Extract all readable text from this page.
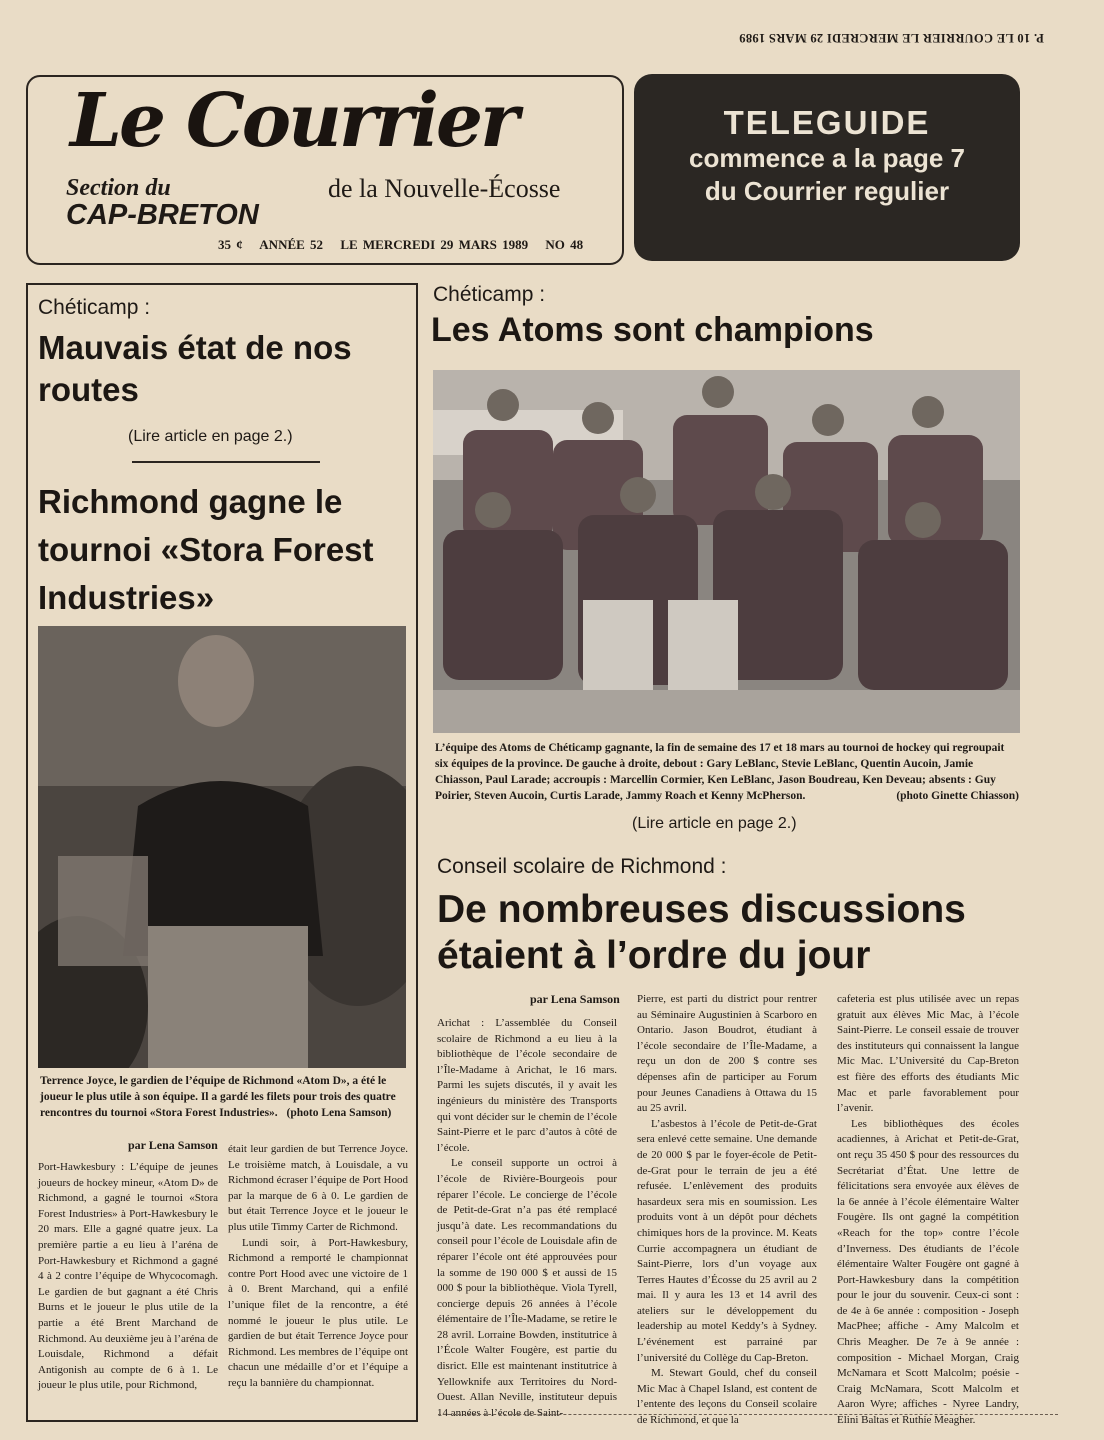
P. 10 LE COURRIER LE MERCREDI 29 MARS 1989
Le Courrier
Section du
CAP-BRETON
de la Nouvelle-Écosse
35 ¢ ANNÉE 52 LE MERCREDI 29 MARS 1989 NO 48
TELEGUIDE
commence a la page 7
du Courrier regulier
Chéticamp :
Mauvais état de nos routes
(Lire article en page 2.)
Richmond gagne le tournoi «Stora Forest Industries»
Terrence Joyce, le gardien de l’équipe de Richmond «Atom D», a été le joueur le plus utile à son équipe. Il a gardé les filets pour trois des quatre rencontres du tournoi «Stora Forest Industries». (photo Lena Samson)
par Lena Samson

Port-Hawkesbury : L’équipe de jeunes joueurs de hockey mineur, «Atom D» de Richmond, a gagné le tournoi «Stora Forest Industries» à Port-Hawkesbury le 20 mars. Elle a gagné quatre jeux. La première partie a eu lieu à l’aréna de Port-Hawkesbury et Richmond a gagné 4 à 2 contre l’équipe de Whycocomagh. Le gardien de but gagnant a été Chris Burns et le joueur le plus utile de la partie a été Brent Marchand de Richmond. Au deuxième jeu à l’aréna de Louisdale, Richmond a défait Antigonish au compte de 6 à 1. Le joueur le plus utile, pour Richmond,

était leur gardien de but Terrence Joyce. Le troisième match, à Louisdale, a vu Richmond écraser l’équipe de Port Hood par la marque de 6 à 0. Le gardien de but était Terrence Joyce et le joueur le plus utile Timmy Carter de Richmond.

Lundi soir, à Port-Hawkesbury, Richmond a remporté le championnat contre Port Hood avec une victoire de 1 à 0. Brent Marchand, qui a enfilé l’unique filet de la rencontre, a été nommé le joueur le plus utile. Le gardien de but était Terrence Joyce pour Richmond. Les membres de l’équipe ont chacun une médaille d’or et l’équipe a reçu la bannière du championnat.

Chéticamp :
Les Atoms sont champions
L’équipe des Atoms de Chéticamp gagnante, la fin de semaine des 17 et 18 mars au tournoi de hockey qui regroupait six équipes de la province. De gauche à droite, debout : Gary LeBlanc, Stevie LeBlanc, Quentin Aucoin, Jamie Chiasson, Paul Larade; accroupis : Marcellin Cormier, Ken LeBlanc, Jason Boudreau, Ken Deveau; absents : Guy Poirier, Steven Aucoin, Curtis Larade, Jammy Roach et Kenny McPherson.	(photo Ginette Chiasson)
(Lire article en page 2.)
Conseil scolaire de Richmond :
De nombreuses discussions étaient à l’ordre du jour
par Lena Samson

Arichat : L’assemblée du Conseil scolaire de Richmond a eu lieu à la bibliothèque de l’école secondaire de l’Île-Madame à Arichat, le 16 mars. Parmi les sujets discutés, il y avait les ingénieurs du ministère des Transports qui vont décider sur le chemin de l’école Saint-Pierre et le parc d’autos à côté de l’école.

Le conseil supporte un octroi à l’école de Rivière-Bourgeois pour réparer l’école. Le concierge de l’école de Petit-de-Grat n’a pas été remplacé jusqu’à date. Les recommandations du conseil pour l’école de Louisdale afin de réparer l’école ont été approuvées pour la somme de 190 000 $ et aussi de 15 000 $ pour la bibliothèque. Viola Tyrell, concierge depuis 26 années à l’école élémentaire de l’Île-Madame, se retire le 28 avril. Lorraine Bowden, institutrice à l’École Walter Fougère, est partie du disrict. Elle est maintenant institutrice à Yellowknife aux Territoires du Nord-Ouest. Allan Neville, instituteur depuis 14 années à l’école de Saint-

Pierre, est parti du district pour rentrer au Séminaire Augustinien à Scarboro en Ontario. Jason Boudrot, étudiant à l’école secondaire de l’Île-Madame, a reçu un don de 200 $ contre ses dépenses afin de participer au Forum pour Jeunes Canadiens à Ottawa du 15 au 25 avril.

L’asbestos à l’école de Petit-de-Grat sera enlevé cette semaine. Une demande de 20 000 $ par le foyer-école de Petit-de-Grat pour le terrain de jeu a été refusée. L’enlèvement des produits hasardeux sera mis en soumission. Les produits vont à un dépôt pour déchets chimiques hors de la province. M. Keats Currie accompagnera un étudiant de Saint-Pierre, lors d’un voyage aux Terres Hautes d’Écosse du 25 avril au 2 mai. Il y aura les 13 et 14 avril des ateliers sur le développement du leadership au motel Keddy’s à Sydney. L’événement est parrainé par l’université du Collège du Cap-Breton.

M. Stewart Gould, chef du conseil Mic Mac à Chapel Island, est content de l’entente des leçons du Conseil scolaire de Richmond, et que la

cafeteria est plus utilisée avec un repas gratuit aux élèves Mic Mac, à l’école Saint-Pierre. Le conseil essaie de trouver des instituteurs qui connaissent la langue Mic Mac. L’Université du Cap-Breton est fière des efforts des étudiants Mic Mac et parle favorablement pour l’avenir.

Les bibliothèques des écoles acadiennes, à Arichat et Petit-de-Grat, ont reçu 35 450 $ pour des ressources du Secrétariat d’État. Une lettre de félicitations sera envoyée aux élèves de la 6e année à l’école élémentaire Walter Fougère. Ils ont gagné la compétition «Reach for the top» contre l’école d’Inverness. Des étudiants de l’école élémentaire Walter Fougère ont gagné à Port-Hawkesbury dans la compétition pour le jour du souvenir. Ceux-ci sont : de 4e à 6e année : composition - Joseph MacPhee; affiche - Amy Malcolm et Chris Meagher. De 7e à 9e année : composition - Michael Morgan, Craig McNamara et Scott Malcolm; poésie -Craig McNamara, Scott Malcolm et Aaron Wyre; affiches - Nyree Landry, Elini Baltas et Ruthie Meagher.
